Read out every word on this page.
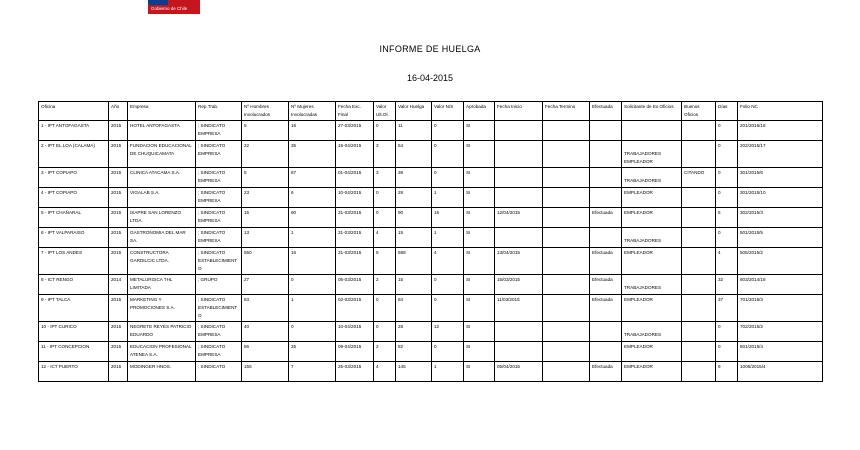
Gobierno de Chile
INFORME DE HUELGA
16-04-2015
Oficina	Año	Empresa	Rep.Trab.	Nº Hombres Involucrados	Nº Mujeres Involucradas	Fecha Exc. Final	Valor Ult.Ol.	Valor Huelga	Valor N/S	Aprobada	Fecha Inicio	Fecha Termino	Efectuada	Solicitante de Ex.Oficios	Buenos Oficios	Días	Folio NC
1 - IPT ANTOFAGASTA	2015	HOTEL ANTOFAGASTA	; SINDICATO EMPRESA	5	16	27-03/2015	0	11	0	SI						0	201/2015/18
2 - IPT EL LOA (CALAMA)	2015	FUNDACION EDUCACIONAL DE CHUQUICAMATA	; SINDICATO EMPRESA	22	35	15-04/2015	3	54	0	SI				TRABAJADORES EMPLEADOR		0	202/2015/17
3 - IPT COPIAPO	2015	CLINICA ATACAMA S.A.	; SINDICATO EMPRESA	5	87	01-04/2015	3	38	0	SI				TRABAJADORES	CITANDO	0	301/2015/6
4 - IPT COPIAPO	2015	VIGALAB S.A.	; SINDICATO EMPRESA	23	6	10-04/2015	0	28	1	SI				EMPLEADOR		0	301/2015/10
5 - IPT CHAÑARAL	2015	ISAPRE SAN LORENZO LTDA.	; SINDICATO EMPRESA	15	90	31-03/2015	0	90	15	SI	12/04/2015		Efectuada	EMPLEADOR		5	302/2015/3
6 - IPT VALPARAISO	2015	GASTRONOMIA DEL MAR SA.	; SINDICATO EMPRESA	13	1	31-03/2015	4	15	1	SI				TRABAJADORES		0	501/2015/5
7 - IPT LOS ANDES	2015	CONSTRUCTORA GARDILCIC LTDA.	; SINDICATO ESTABLECIMIENTO	550	16	31-03/2015	5	588	4	SI	13/04/2015		Efectuada	EMPLEADOR		4	505/2015/2
8 - ICT RENGO	2014	METALURGICA THL LIMITADA	; GRUPO	27	0	05-03/2015	2	15	0	SI	15/03/2015		Efectuada	TRABAJADORES		32	603/2014/18
9 - IPT TALCA	2015	MARKETING Y PROMOCIONES S.A.	; SINDICATO ESTABLECIMIENTO	83	1	02-03/2015	0	84	0	SI	11/03/2015		Efectuada	EMPLEADOR		37	701/2015/3
10 - IPT CURICO	2015	NEGRETE REYES PATRICIO EDUARDO	; SINDICATO EMPRESA	40	0	10-04/2015	0	28	12	SI				TRABAJADORES		0	702/2015/2
11 - IPT CONCEPCION	2015	EDUCACION PROFESIONAL ATENEA S.A.	; SINDICATO EMPRESA	56	26	09-04/2015	2	82	0	SI				EMPLEADOR		0	801/2015/4
12 - ICT PUERTO	2015	MODINGER HNOS.	; SINDICATO	155	7	25-03/2015	4	145	1	SI	05/04/2015		Efectuada	EMPLEADOR		9	1005/2015/4
